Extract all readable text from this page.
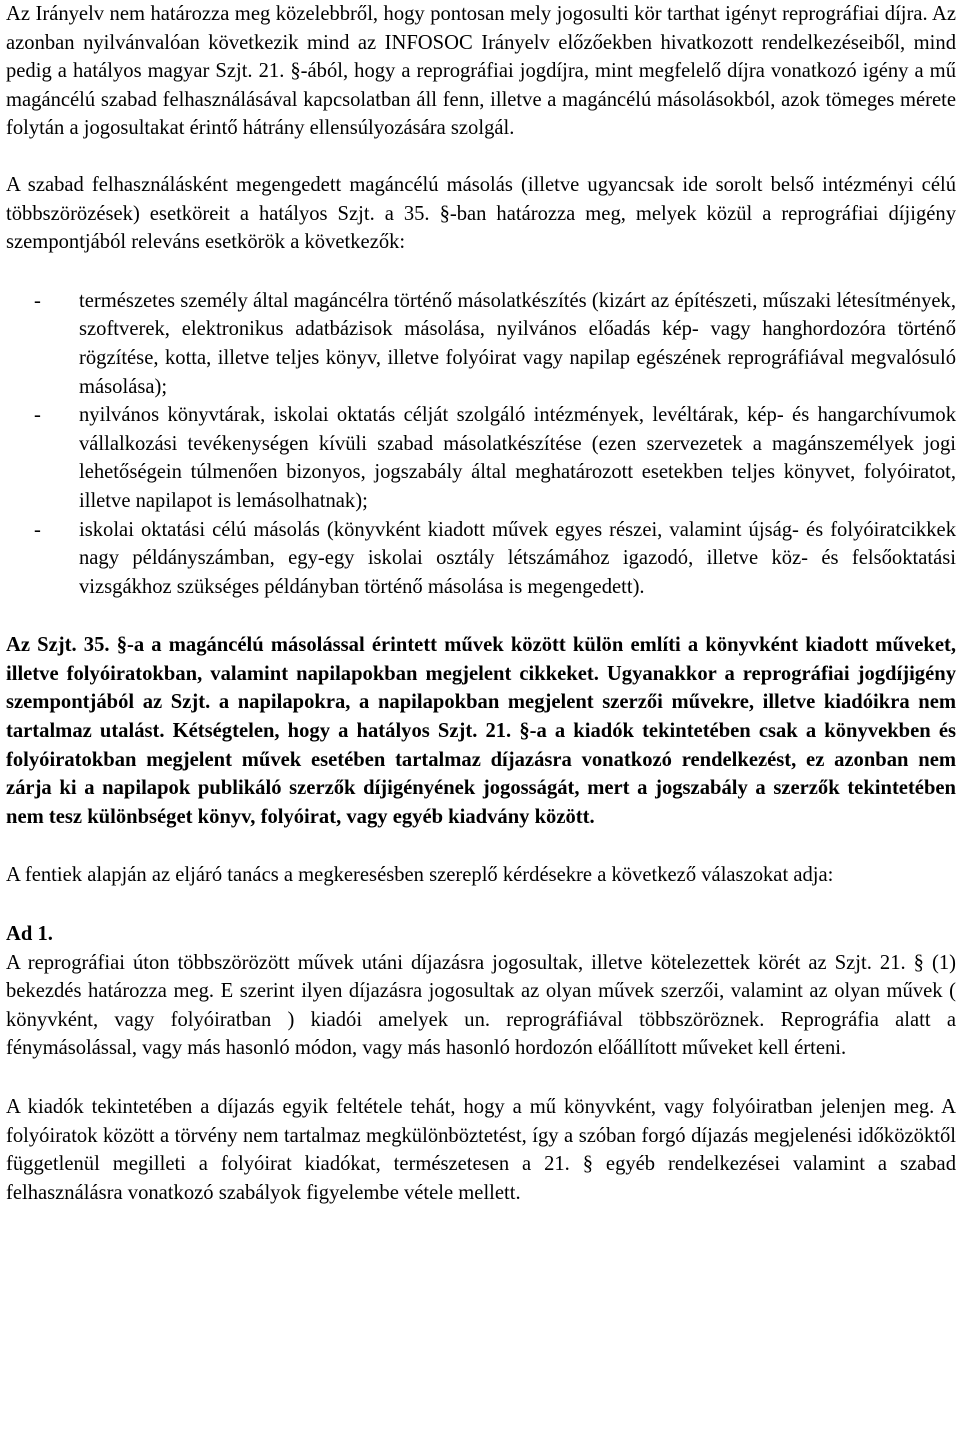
Az Irányelv nem határozza meg közelebbről, hogy pontosan mely jogosulti kör tarthat igényt reprográfiai díjra. Az azonban nyilvánvalóan következik mind az INFOSOC Irányelv előzőekben hivatkozott rendelkezéseiből, mind pedig a hatályos magyar Szjt. 21. §-ából, hogy a reprográfiai jogdíjra, mint megfelelő díjra vonatkozó igény a mű magáncélú szabad felhasználásával kapcsolatban áll fenn, illetve a magáncélú másolásokból, azok tömeges mérete folytán a jogosultakat érintő hátrány ellensúlyozására szolgál.

A szabad felhasználásként megengedett magáncélú másolás (illetve ugyancsak ide sorolt belső intézményi célú többszörözések) esetköreit a hatályos Szjt. a 35. §-ban határozza meg, melyek közül a reprográfiai díjigény szempontjából releváns esetkörök a következők:

- természetes személy által magáncélra történő másolatkészítés (kizárt az építészeti, műszaki létesítmények, szoftverek, elektronikus adatbázisok másolása, nyilvános előadás kép- vagy hanghordozóra történő rögzítése, kotta, illetve teljes könyv, illetve folyóirat vagy napilap egészének reprográfiával megvalósuló másolása);
- nyilvános könyvtárak, iskolai oktatás célját szolgáló intézmények, levéltárak, kép- és hangarchívumok vállalkozási tevékenységen kívüli szabad másolatkészítése (ezen szervezetek a magánszemélyek jogi lehetőségein túlmenően bizonyos, jogszabály által meghatározott esetekben teljes könyvet, folyóiratot, illetve napilapot is lemásolhatnak);
- iskolai oktatási célú másolás (könyvként kiadott művek egyes részei, valamint újság- és folyóiratcikkek nagy példányszámban, egy-egy iskolai osztály létszámához igazodó, illetve köz- és felsőoktatási vizsgákhoz szükséges példányban történő másolása is megengedett).

Az Szjt. 35. §-a a magáncélú másolással érintett művek között külön említi a könyvként kiadott műveket, illetve folyóiratokban, valamint napilapokban megjelent cikkeket. Ugyanakkor a reprográfiai jogdíjigény szempontjából az Szjt. a napilapokra, a napilapokban megjelent szerzői művekre, illetve kiadóikra nem tartalmaz utalást. Kétségtelen, hogy a hatályos Szjt. 21. §-a a kiadók tekintetében csak a könyvekben és folyóiratokban megjelent művek esetében tartalmaz díjazásra vonatkozó rendelkezést, ez azonban nem zárja ki a napilapok publikáló szerzők díjigényének jogosságát, mert a jogszabály a szerzők tekintetében nem tesz különbséget könyv, folyóirat, vagy egyéb kiadvány között.

A fentiek alapján az eljáró tanács a megkeresésben szereplő kérdésekre a következő válaszokat adja:

Ad 1.

A reprográfiai úton többszörözött művek utáni díjazásra jogosultak, illetve kötelezettek körét az Szjt. 21. § (1) bekezdés határozza meg. E szerint ilyen díjazásra jogosultak az olyan művek szerzői, valamint az olyan művek ( könyvként, vagy folyóiratban ) kiadói amelyek un. reprográfiával többszöröznek. Reprográfia alatt a fénymásolással, vagy más hasonló módon, vagy más hasonló hordozón előállított műveket kell érteni.

A kiadók tekintetében a díjazás egyik feltétele tehát, hogy a mű könyvként, vagy folyóiratban jelenjen meg. A folyóiratok között a törvény nem tartalmaz megkülönböztetést, így a szóban forgó díjazás megjelenési időközöktől függetlenül megilleti a folyóirat kiadókat, természetesen a 21. § egyéb rendelkezései valamint a szabad felhasználásra vonatkozó szabályok figyelembe vétele mellett.
